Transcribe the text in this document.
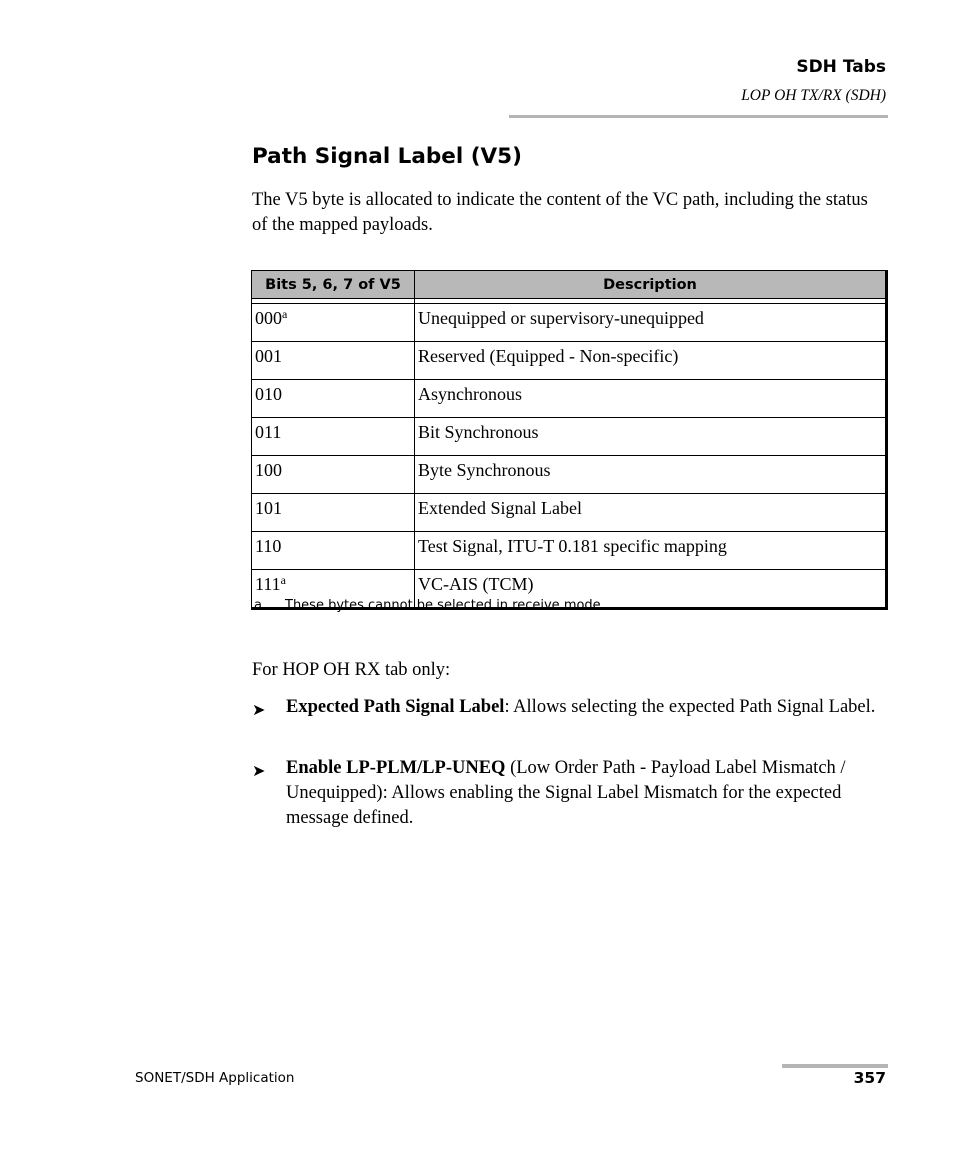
SDH Tabs
LOP OH TX/RX (SDH)
Path Signal Label (V5)
The V5 byte is allocated to indicate the content of the VC path, including the status of the mapped payloads.
Bits 5, 6, 7 of V5	Description

000$^a$	Unequipped or supervisory-unequipped
001	Reserved (Equipped - Non-specific)
010	Asynchronous
011	Bit Synchronous
100	Byte Synchronous
101	Extended Signal Label
110	Test Signal, ITU-T 0.181 specific mapping
111$^a$	VC-AIS (TCM)
a. These bytes cannot be selected in receive mode.
For HOP OH RX tab only:
➤ Expected Path Signal Label: Allows selecting the expected Path Signal Label.
➤ Enable LP-PLM/LP-UNEQ (Low Order Path - Payload Label Mismatch / Unequipped): Allows enabling the Signal Label Mismatch for the expected message defined.
SONET/SDH Application	357
